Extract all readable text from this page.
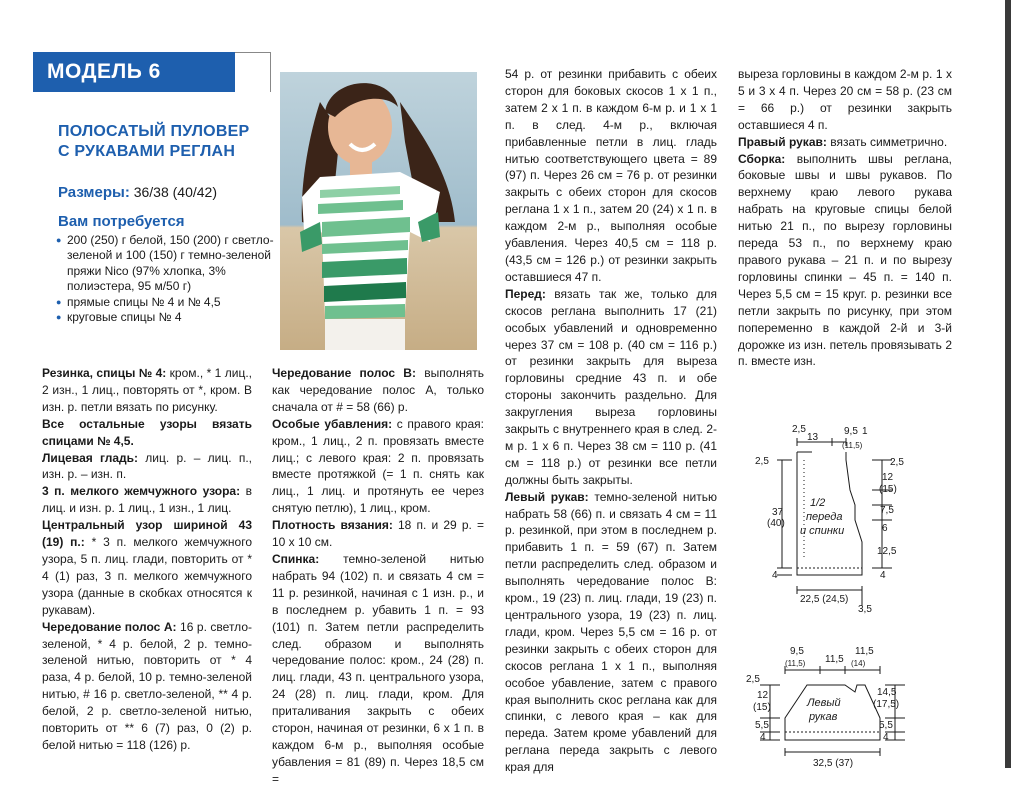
МОДЕЛЬ 6
ПОЛОСАТЫЙ ПУЛОВЕР
С РУКАВАМИ РЕГЛАН
Размеры: 36/38 (40/42)
Вам потребуется
● 200 (250) г белой, 150 (200) г светло-зеленой и 100 (150) г темно-зеленой пряжи Nico (97% хлопка, 3% полиэстера, 95 м/50 г)
● прямые спицы № 4 и № 4,5
● круговые спицы № 4

Резинка, спицы № 4: кром., * 1 лиц., 2 изн., 1 лиц., повторять от *, кром. В изн. р. петли вязать по рисунку.

Все остальные узоры вязать спицами № 4,5.

Лицевая гладь: лиц. р. – лиц. п., изн. р. – изн. п.

3 п. мелкого жемчужного узора: в лиц. и изн. р. 1 лиц., 1 изн., 1 лиц.

Центральный узор шириной 43 (19) п.: * 3 п. мелкого жемчужного узора, 5 п. лиц. глади, повторить от * 4 (1) раз, 3 п. мелкого жемчужного узора (данные в скобках относятся к рукавам).

Чередование полос А: 16 р. светло-зеленой, * 4 р. белой, 2 р. темно-зеленой нитью, повторить от * 4 раза, 4 р. белой, 10 р. темно-зеленой нитью, # 16 р. светло-зеленой, ** 4 р. белой, 2 р. светло-зеленой нитью, повторить от ** 6 (7) раз, 0 (2) р. белой нитью = 118 (126) р.

Чередование полос В: выполнять как чередование полос А, только сначала от # = 58 (66) р.

Особые убавления: с правого края: кром., 1 лиц., 2 п. провязать вместе лиц.; с левого края: 2 п. провязать вместе протяжкой (= 1 п. снять как лиц., 1 лиц. и протянуть ее через снятую петлю), 1 лиц., кром.

Плотность вязания: 18 п. и 29 р. = 10 х 10 см.

Спинка: темно-зеленой нитью набрать 94 (102) п. и связать 4 см = 11 р. резинкой, начиная с 1 изн. р., и в последнем р. убавить 1 п. = 93 (101) п. Затем петли распределить след. образом и выполнять чередование полос: кром., 24 (28) п. лиц. глади, 43 п. центрального узора, 24 (28) п. лиц. глади, кром. Для приталивания закрыть с обеих сторон, начиная от резинки, 6 х 1 п. в каждом 6-м р., выполняя особые убавления = 81 (89) п. Через 18,5 см =

54 р. от резинки прибавить с обеих сторон для боковых скосов 1 х 1 п., затем 2 х 1 п. в каждом 6-м р. и 1 х 1 п. в след. 4-м р., включая прибавленные петли в лиц. гладь нитью соответствующего цвета = 89 (97) п. Через 26 см = 76 р. от резинки закрыть с обеих сторон для скосов реглана 1 х 1 п., затем 20 (24) х 1 п. в каждом 2-м р., выполняя особые убавления. Через 40,5 см = 118 р. (43,5 см = 126 р.) от резинки закрыть оставшиеся 47 п.

Перед: вязать так же, только для скосов реглана выполнить 17 (21) особых убавлений и одновременно через 37 см = 108 р. (40 см = 116 р.) от резинки закрыть для выреза горловины средние 43 п. и обе стороны закончить раздельно. Для закругления выреза горловины закрыть с внутреннего края в след. 2-м р. 1 х 6 п. Через 38 см = 110 р. (41 см = 118 р.) от резинки все петли должны быть закрыты.

Левый рукав: темно-зеленой нитью набрать 58 (66) п. и связать 4 см = 11 р. резинкой, при этом в последнем р. прибавить 1 п. = 59 (67) п. Затем петли распределить след. образом и выполнять чередование полос В: кром., 19 (23) п. лиц. глади, 19 (23) п. центрального узора, 19 (23) п. лиц. глади, кром. Через 5,5 см = 16 р. от резинки закрыть с обеих сторон для скосов реглана 1 х 1 п., выполняя особое убавление, затем с правого края выполнить скос реглана как для спинки, с левого края – как для переда. Затем кроме убавлений для реглана переда закрыть с левого края для

выреза горловины в каждом 2-м р. 1 х 5 и 3 х 4 п. Через 20 см = 58 р. (23 см = 66 р.) от резинки закрыть оставшиеся 4 п.

Правый рукав: вязать симметрично.

Сборка: выполнить швы реглана, боковые швы и швы рукавов. По верхнему краю левого рукава набрать на круговые спицы белой нитью 21 п., по вырезу горловины переда 53 п., по верхнему краю правого рукава – 21 п. и по вырезу горловины спинки – 45 п. = 140 п. Через 5,5 см = 15 круг. р. резинки все петли закрыть по рисунку, при этом попеременно в каждой 2-й и 3-й дорожке из изн. петель провязывать 2 п. вместе изн.

2,5
37
(40)
4
2,5
13
9,5
(11,5)
1
2,5
12
(15)
7,5
6
12,5
4
1/2
переда
и спинки
22,5 (24,5)
3,5
9,5
(11,5) 11,5
11,5
(14)
2,5
12
(15)
5,5
4
14,5
(17,5)
5,5
4
Левый
рукав
32,5 (37)
